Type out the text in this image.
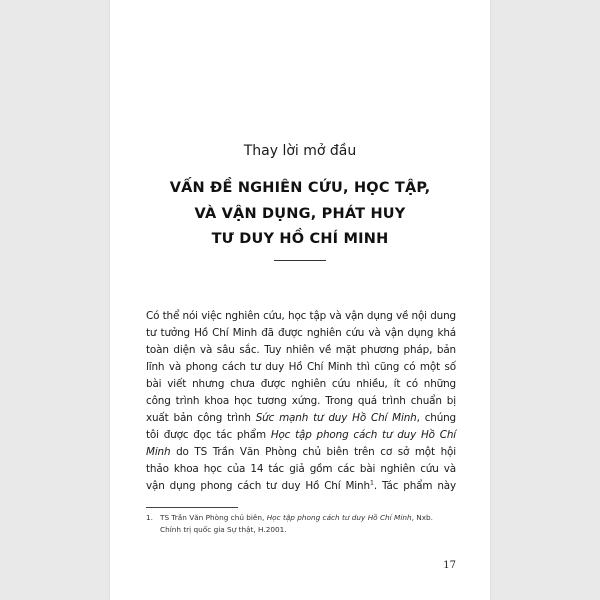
Thay lời mở đầu
VẤN ĐỀ NGHIÊN CỨU, HỌC TẬP,
VÀ VẬN DỤNG, PHÁT HUY
TƯ DUY HỒ CHÍ MINH
Có thể nói việc nghiên cứu, học tập và vận dụng về nội dung
tư tưởng Hồ Chí Minh đã được nghiên cứu và vận dụng khá
toàn diện và sâu sắc. Tuy nhiên về mặt phương pháp, bản
lĩnh và phong cách tư duy Hồ Chí Minh thì cũng có một số
bài viết nhưng chưa được nghiên cứu nhiều, ít có những
công trình khoa học tương xứng. Trong quá trình chuẩn bị
xuất bản công trình Sức mạnh tư duy Hồ Chí Minh, chúng
tôi được đọc tác phẩm Học tập phong cách tư duy Hồ Chí
Minh do TS Trần Văn Phòng chủ biên trên cơ sở một hội
thảo khoa học của 14 tác giả gồm các bài nghiên cứu và
vận dụng phong cách tư duy Hồ Chí Minh$^1$. Tác phẩm này
1. TS Trần Văn Phòng chủ biên, Học tập phong cách tư duy Hồ Chí Minh, Nxb.
Chính trị quốc gia Sự thật, H.2001.
17
